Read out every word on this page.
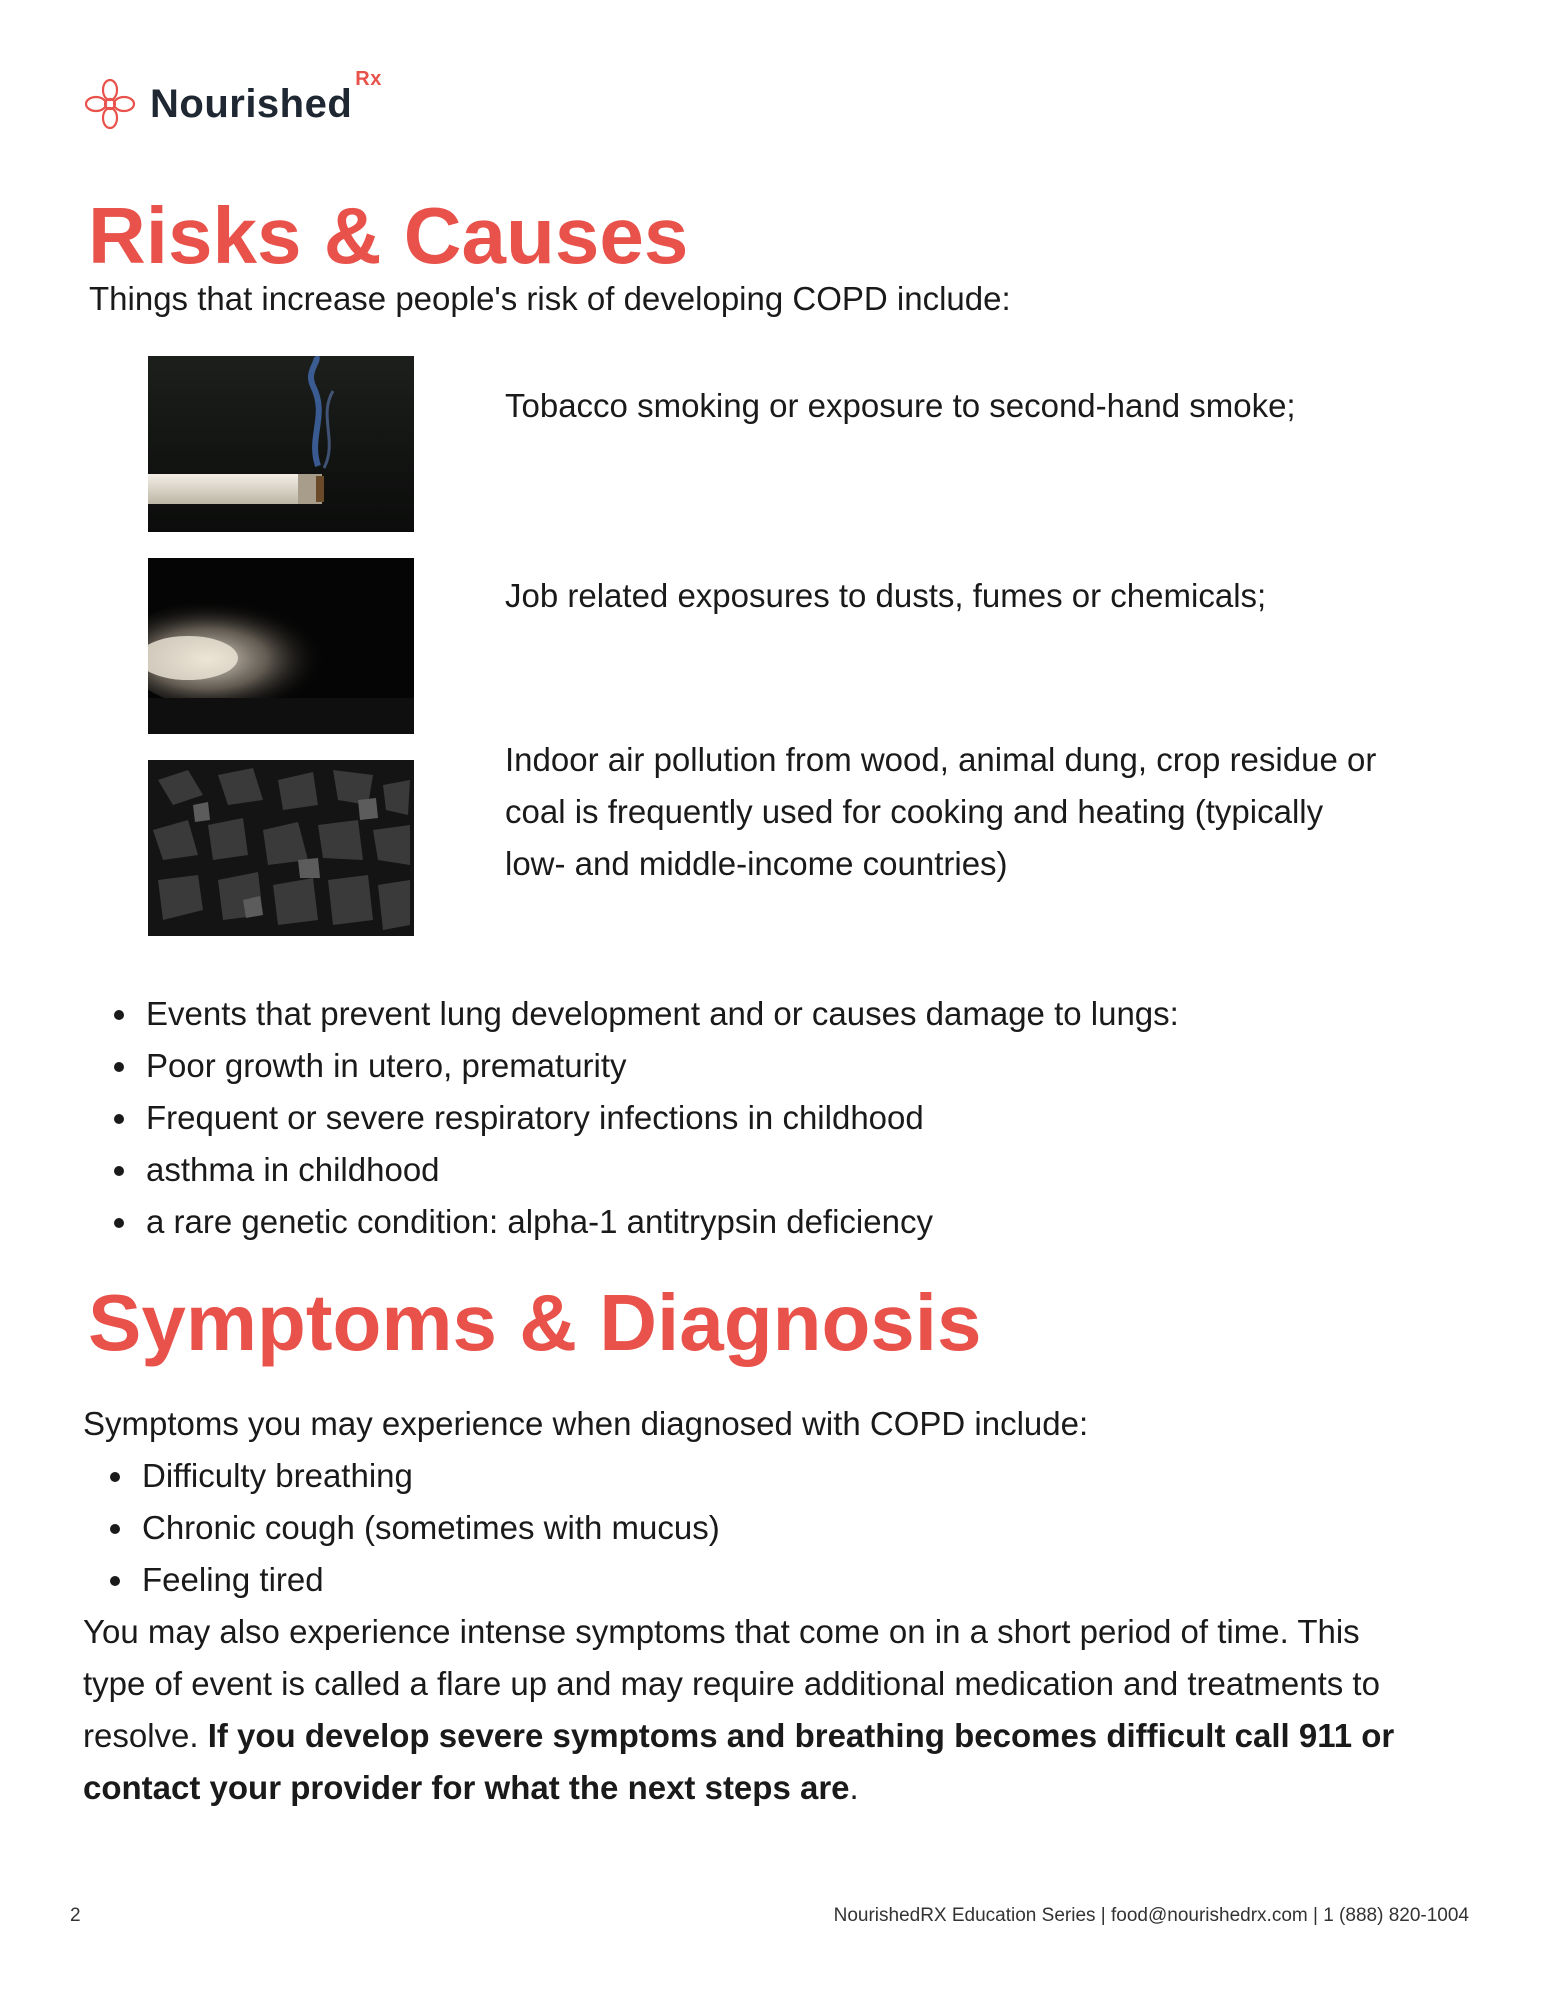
Nourished$^{Rx}$
Risks & Causes

Things that increase people's risk of developing COPD include:

Tobacco smoking or exposure to second-hand smoke;

Job related exposures to dusts, fumes or chemicals;

Indoor air pollution from wood, animal dung, crop residue or coal is frequently used for cooking and heating (typically low- and middle-income countries)

Events that prevent lung development and or causes damage to lungs:
Poor growth in utero, prematurity
Frequent or severe respiratory infections in childhood
asthma in childhood
a rare genetic condition: alpha-1 antitrypsin deficiency
Symptoms & Diagnosis

Symptoms you may experience when diagnosed with COPD include:

Difficulty breathing
Chronic cough (sometimes with mucus)
Feeling tired

You may also experience intense symptoms that come on in a short period of time. This type of event is called a flare up and may require additional medication and treatments to resolve. If you develop severe symptoms and breathing becomes difficult call 911 or contact your provider for what the next steps are.

2	NourishedRX Education Series | food@nourishedrx.com | 1 (888) 820-1004
